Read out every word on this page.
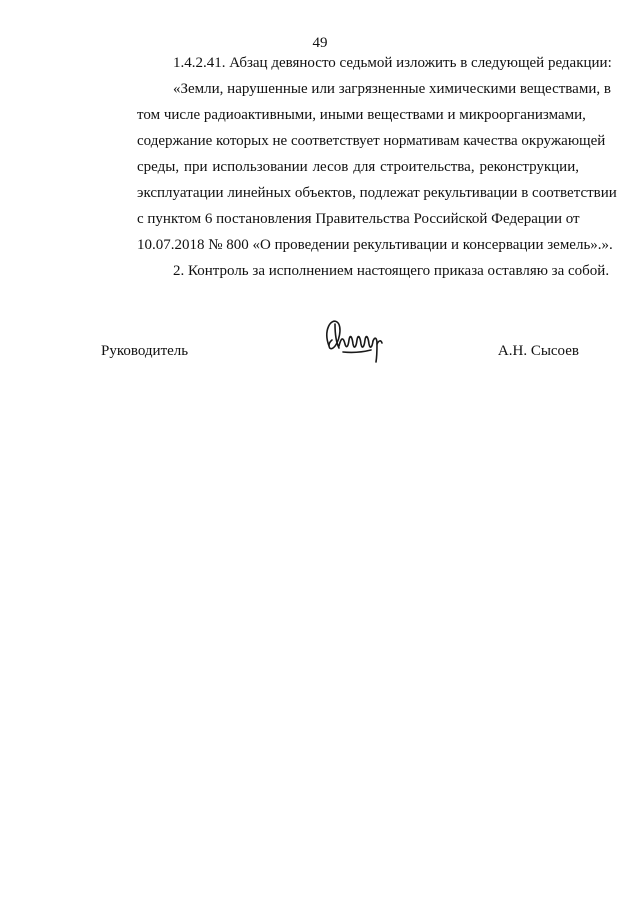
49

1.4.2.41. Абзац девяносто седьмой изложить в следующей редакции:

«Земли, нарушенные или загрязненные химическими веществами, в
том числе радиоактивными, иными веществами и микроорганизмами,
содержание которых не соответствует нормативам качества окружающей
среды, при использовании лесов для строительства, реконструкции,
эксплуатации линейных объектов, подлежат рекультивации в соответствии
с пунктом 6 постановления Правительства Российской Федерации от
10.07.2018 № 800 «О проведении рекультивации и консервации земель».».

2. Контроль за исполнением настоящего приказа оставляю за собой.

Руководитель	А.Н. Сысоев
